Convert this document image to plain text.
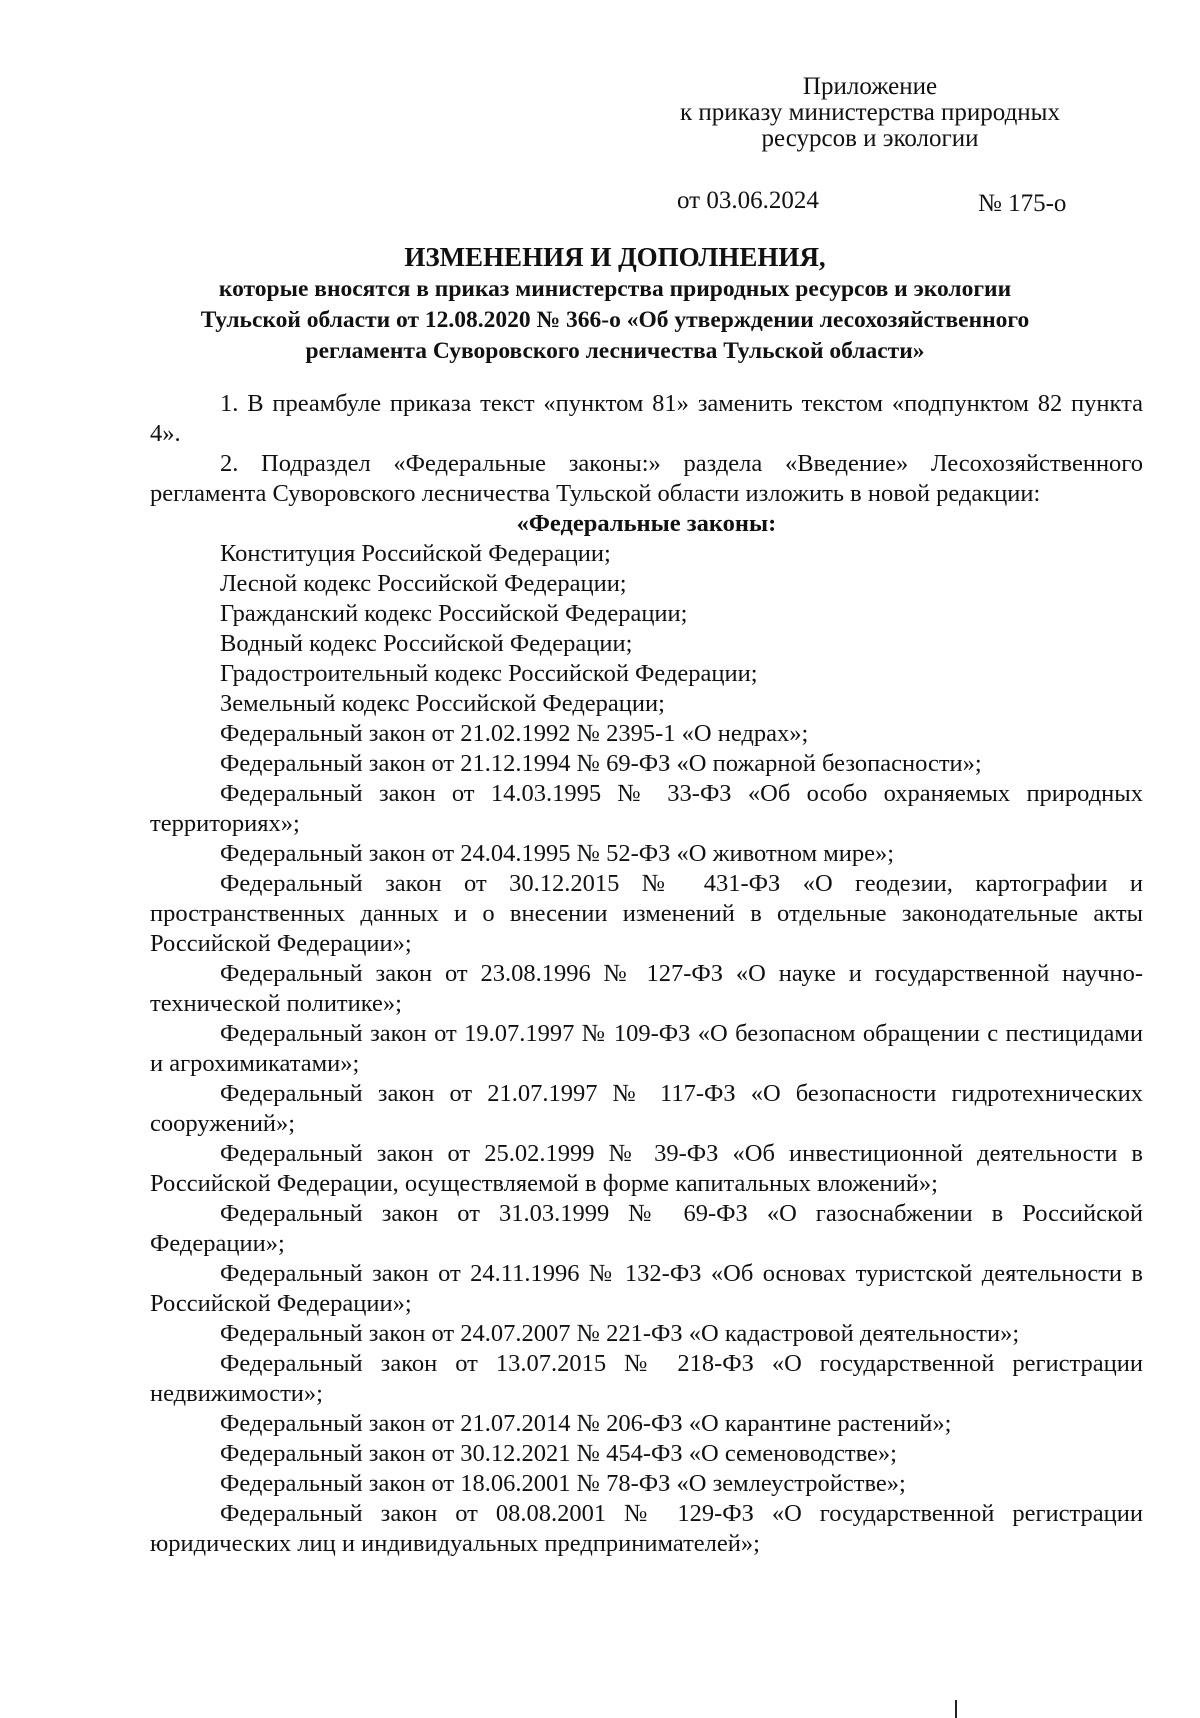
Приложение
к приказу министерства природных
ресурсов и экологии
от 03.06.2024	№ 175-о
ИЗМЕНЕНИЯ И ДОПОЛНЕНИЯ,
которые вносятся в приказ министерства природных ресурсов и экологии
Тульской области от 12.08.2020 № 366-о «Об утверждении лесохозяйственного
регламента Суворовского лесничества Тульской области»

1. В преамбуле приказа текст «пунктом 81» заменить текстом «подпунктом 82 пункта 4».

2. Подраздел «Федеральные законы:» раздела «Введение» Лесохозяйственного регламента Суворовского лесничества Тульской области изложить в новой редакции:

«Федеральные законы:

Конституция Российской Федерации;

Лесной кодекс Российской Федерации;

Гражданский кодекс Российской Федерации;

Водный кодекс Российской Федерации;

Градостроительный кодекс Российской Федерации;

Земельный кодекс Российской Федерации;

Федеральный закон от 21.02.1992 № 2395-1 «О недрах»;

Федеральный закон от 21.12.1994 № 69-ФЗ «О пожарной безопасности»;

Федеральный закон от 14.03.1995 № 33-ФЗ «Об особо охраняемых природных территориях»;

Федеральный закон от 24.04.1995 № 52-ФЗ «О животном мире»;

Федеральный закон от 30.12.2015 № 431-ФЗ «О геодезии, картографии и пространственных данных и о внесении изменений в отдельные законодательные акты Российской Федерации»;

Федеральный закон от 23.08.1996 № 127-ФЗ «О науке и государственной научно-технической политике»;

Федеральный закон от 19.07.1997 № 109-ФЗ «О безопасном обращении с пестицидами и агрохимикатами»;

Федеральный закон от 21.07.1997 № 117-ФЗ «О безопасности гидротехнических сооружений»;

Федеральный закон от 25.02.1999 № 39-ФЗ «Об инвестиционной деятельности в Российской Федерации, осуществляемой в форме капитальных вложений»;

Федеральный закон от 31.03.1999 № 69-ФЗ «О газоснабжении в Российской Федерации»;

Федеральный закон от 24.11.1996 № 132-ФЗ «Об основах туристской деятельности в Российской Федерации»;

Федеральный закон от 24.07.2007 № 221-ФЗ «О кадастровой деятельности»;

Федеральный закон от 13.07.2015 № 218-ФЗ «О государственной регистрации недвижимости»;

Федеральный закон от 21.07.2014 № 206-ФЗ «О карантине растений»;

Федеральный закон от 30.12.2021 № 454-ФЗ «О семеноводстве»;

Федеральный закон от 18.06.2001 № 78-ФЗ «О землеустройстве»;

Федеральный закон от 08.08.2001 № 129-ФЗ «О государственной регистрации юридических лиц и индивидуальных предпринимателей»;
